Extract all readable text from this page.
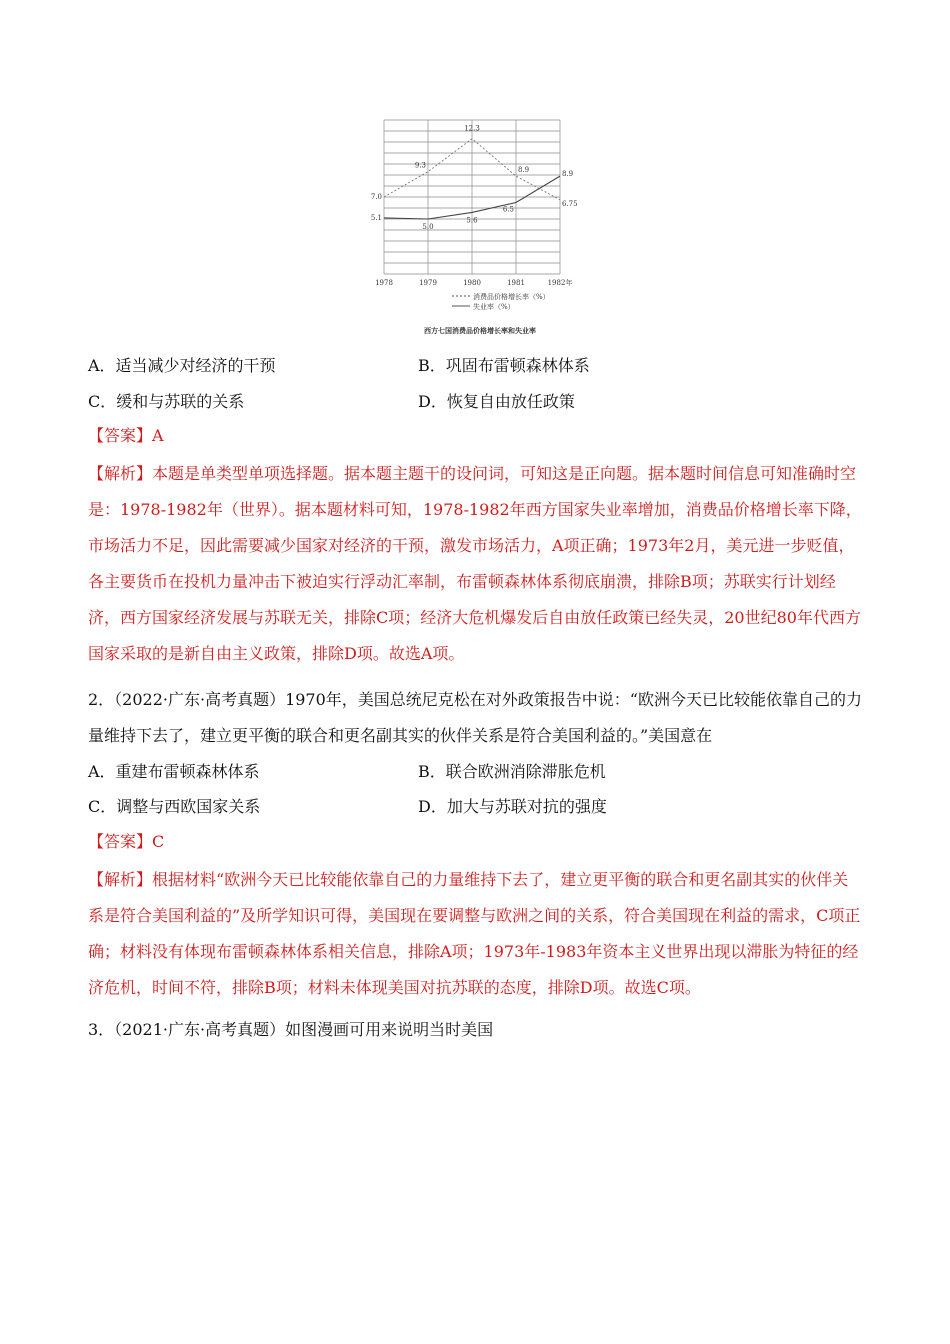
1978	1979	1980	1981	1982年
7.0
9.3
12.3
8.9
6.75
5.1
5.0
5.6
6.5
8.9
消费品价格增长率（%）
失业率（%）
西方七国消费品价格增长率和失业率
A．适当减少对经济的干预	B．巩固布雷顿森林体系
C．缓和与苏联的关系	D．恢复自由放任政策
【答案】A
【解析】本题是单类型单项选择题。据本题主题干的设问词，可知这是正向题。据本题时间信息可知准确时空是：1978-1982年（世界）。据本题材料可知，1978-1982年西方国家失业率增加，消费品价格增长率下降，市场活力不足，因此需要减少国家对经济的干预，激发市场活力，A项正确；1973年2月，美元进一步贬值，各主要货币在投机力量冲击下被迫实行浮动汇率制，布雷顿森林体系彻底崩溃，排除B项；苏联实行计划经济，西方国家经济发展与苏联无关，排除C项；经济大危机爆发后自由放任政策已经失灵，20世纪80年代西方国家采取的是新自由主义政策，排除D项。故选A项。
2．（2022·广东·高考真题）1970年，美国总统尼克松在对外政策报告中说：“欧洲今天已比较能依靠自己的力量维持下去了，建立更平衡的联合和更名副其实的伙伴关系是符合美国利益的。”美国意在
A．重建布雷顿森林体系	B．联合欧洲消除滞胀危机
C．调整与西欧国家关系	D．加大与苏联对抗的强度
【答案】C
【解析】根据材料“欧洲今天已比较能依靠自己的力量维持下去了，建立更平衡的联合和更名副其实的伙伴关系是符合美国利益的”及所学知识可得，美国现在要调整与欧洲之间的关系，符合美国现在利益的需求，C项正确；材料没有体现布雷顿森林体系相关信息，排除A项；1973年-1983年资本主义世界出现以滞胀为特征的经济危机，时间不符，排除B项；材料未体现美国对抗苏联的态度，排除D项。故选C项。
3．（2021·广东·高考真题）如图漫画可用来说明当时美国
